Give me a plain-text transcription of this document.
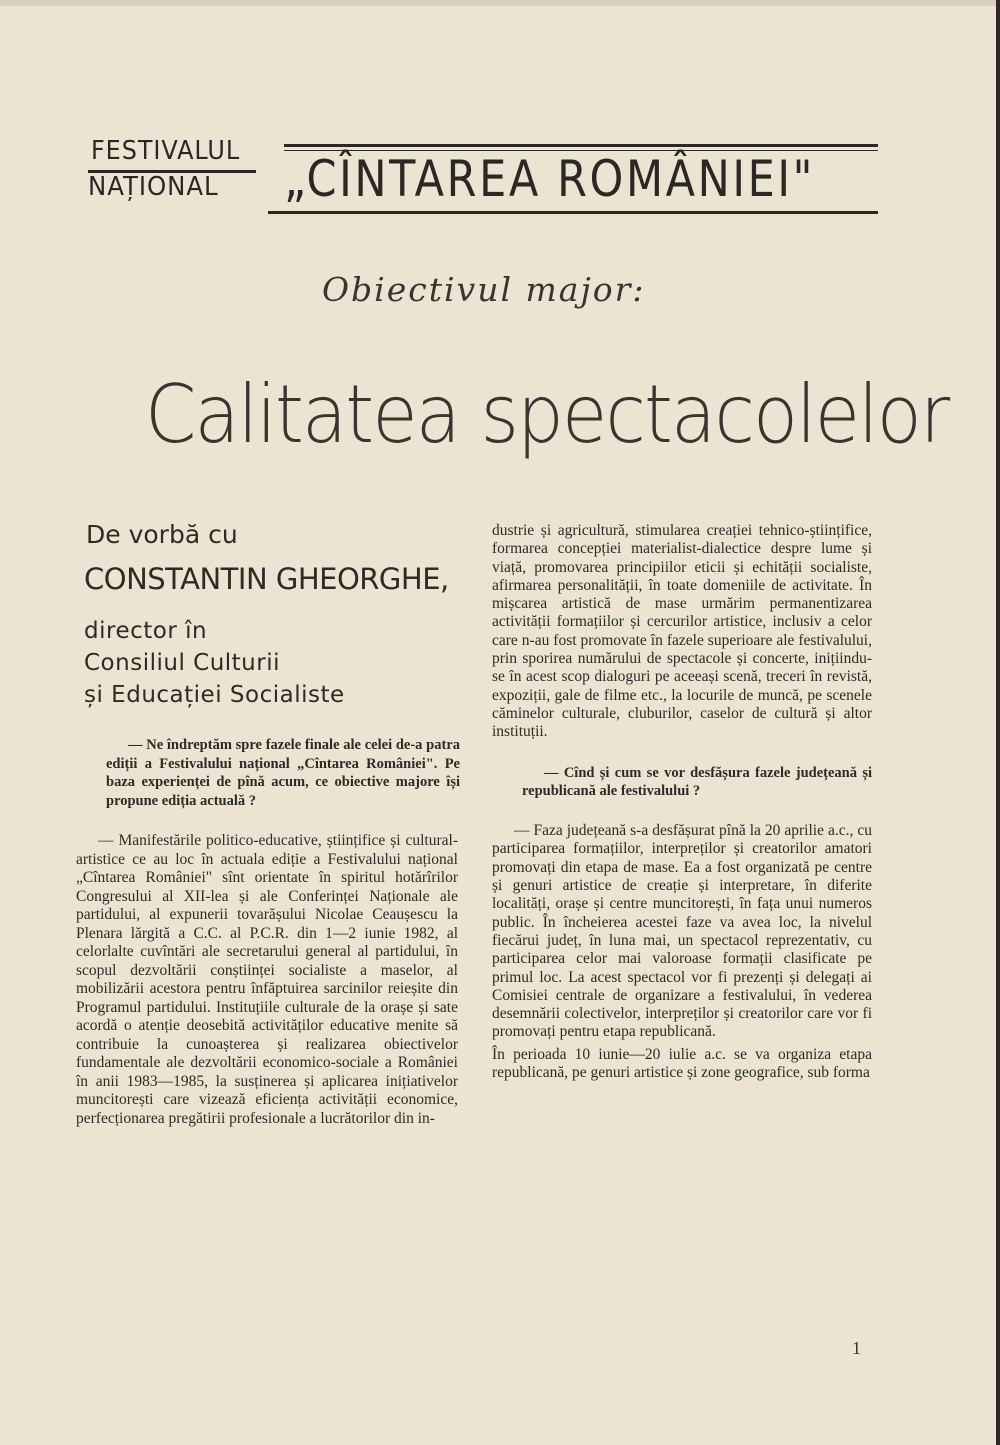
FESTIVALUL
NAȚIONAL „CÎNTAREA ROMÂNIEI"
Obiectivul major:
Calitatea spectacolelor
De vorbă cu
CONSTANTIN GHEORGHE,
director în
Consiliul Culturii
și Educației Socialiste

— Ne îndreptăm spre fazele finale ale celei de-a patra ediții a Festivalului național „Cîntarea României". Pe baza experienței de pînă acum, ce obiective majore își propune ediția actuală ?

— Manifestările politico-educative, științifice și cultural-artistice ce au loc în actuala ediție a Festivalului național „Cîntarea României" sînt orientate în spiritul hotărîrilor Congresului al XII-lea și ale Conferinței Naționale ale partidului, al expunerii tovarășului Nicolae Ceaușescu la Plenara lărgită a C.C. al P.C.R. din 1—2 iunie 1982, al celorlalte cuvîntări ale secretarului general al partidului, în scopul dezvoltării conștiinței socialiste a maselor, al mobilizării acestora pentru înfăptuirea sarcinilor reieșite din Programul partidului. Instituțiile culturale de la orașe și sate acordă o atenție deosebită activităților educative menite să contribuie la cunoașterea și realizarea obiectivelor fundamentale ale dezvoltării economico-sociale a României în anii 1983—1985, la susținerea și aplicarea inițiativelor muncitorești care vizează eficiența activității economice, perfecționarea pregătirii profesionale a lucrătorilor din in-

dustrie și agricultură, stimularea creației tehnico-științifice, formarea concepției materialist-dialectice despre lume și viață, promovarea principiilor eticii și echității socialiste, afirmarea personalității, în toate domeniile de activitate. În mișcarea artistică de mase urmărim permanentizarea activității formațiilor și cercurilor artistice, inclusiv a celor care n-au fost promovate în fazele superioare ale festivalului, prin sporirea numărului de spectacole și concerte, inițiindu-se în acest scop dialoguri pe aceeași scenă, treceri în revistă, expoziții, gale de filme etc., la locurile de muncă, pe scenele căminelor culturale, cluburilor, caselor de cultură și altor instituții.

— Cînd și cum se vor desfășura fazele județeană și republicană ale festivalului ?

— Faza județeană s-a desfășurat pînă la 20 aprilie a.c., cu participarea formațiilor, interpreților și creatorilor amatori promovați din etapa de mase. Ea a fost organizată pe centre și genuri artistice de creație și interpretare, în diferite localități, orașe și centre muncitorești, în fața unui numeros public. În încheierea acestei faze va avea loc, la nivelul fiecărui județ, în luna mai, un spectacol reprezentativ, cu participarea celor mai valoroase formații clasificate pe primul loc. La acest spectacol vor fi prezenți și delegați ai Comisiei centrale de organizare a festivalului, în vederea desemnării colectivelor, interpreților și creatorilor care vor fi promovați pentru etapa republicană.

În perioada 10 iunie—20 iulie a.c. se va organiza etapa republicană, pe genuri artistice și zone geografice, sub forma

1
